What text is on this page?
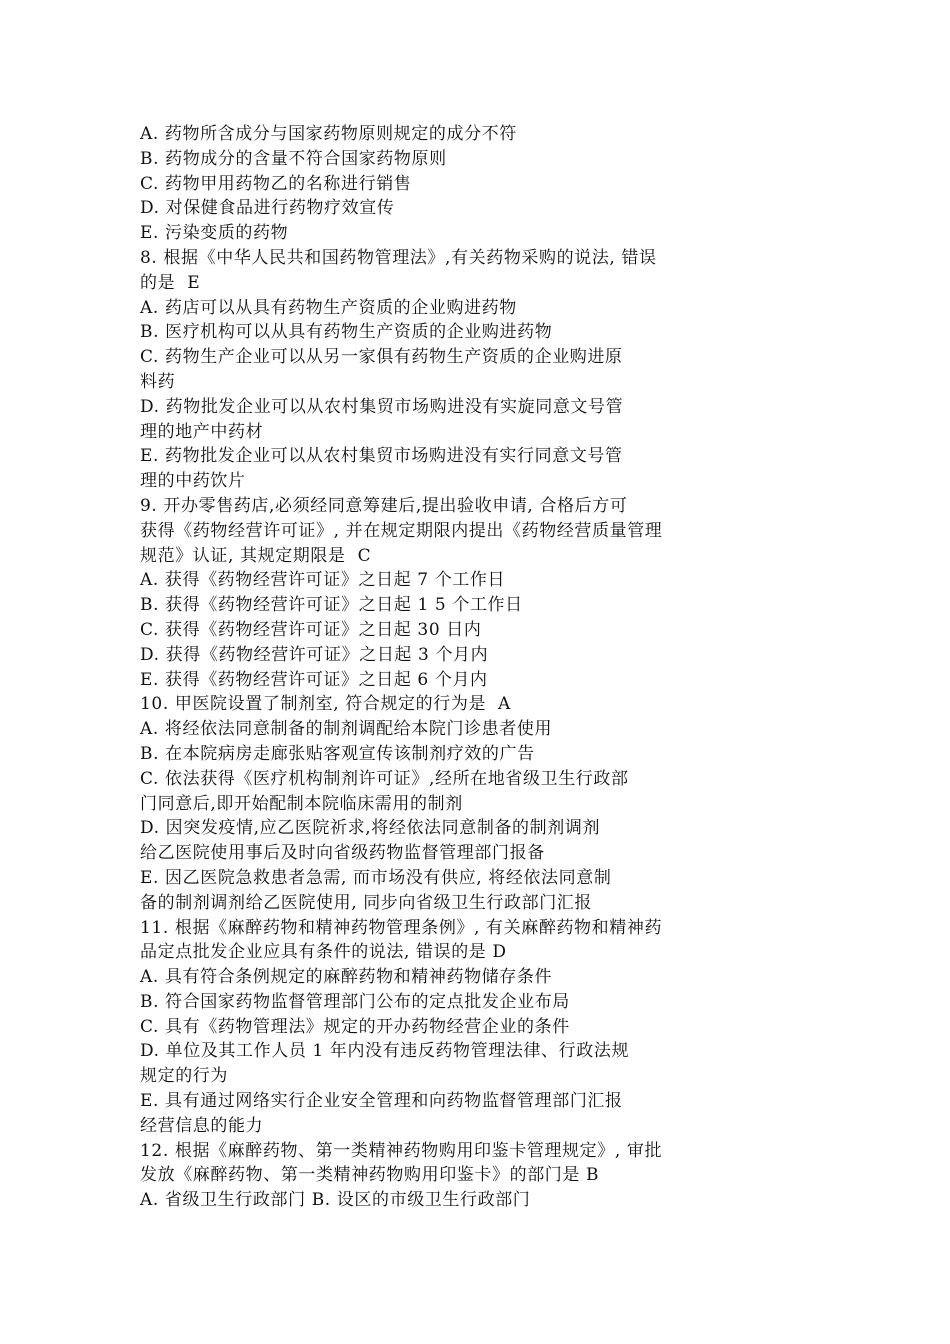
A. 药物所含成分与国家药物原则规定的成分不符
B. 药物成分的含量不符合国家药物原则
C. 药物甲用药物乙的名称进行销售
D. 对保健食品进行药物疗效宣传
E. 污染变质的药物
8. 根据《中华人民共和国药物管理法》,有关药物采购的说法, 错误
的是  E
A. 药店可以从具有药物生产资质的企业购进药物
B. 医疗机构可以从具有药物生产资质的企业购进药物
C. 药物生产企业可以从另一家俱有药物生产资质的企业购进原
料药
D. 药物批发企业可以从农村集贸市场购进没有实旋同意文号管
理的地产中药材
E. 药物批发企业可以从农村集贸市场购进没有实行同意文号管
理的中药饮片
9. 开办零售药店,必须经同意筹建后,提出验收申请, 合格后方可
获得《药物经营许可证》, 并在规定期限内提出《药物经营质量管理
规范》认证, 其规定期限是  C
A. 获得《药物经营许可证》之日起 7 个工作日
B. 获得《药物经营许可证》之日起 1 5 个工作日
C. 获得《药物经营许可证》之日起 30 日内
D. 获得《药物经营许可证》之日起 3 个月内
E. 获得《药物经营许可证》之日起 6 个月内
10. 甲医院设置了制剂室, 符合规定的行为是  A
A. 将经依法同意制备的制剂调配给本院门诊患者使用
B. 在本院病房走廊张贴客观宣传该制剂疗效的广告
C. 依法获得《医疗机构制剂许可证》,经所在地省级卫生行政部
门同意后,即开始配制本院临床需用的制剂
D. 因突发疫情,应乙医院祈求,将经依法同意制备的制剂调剂
给乙医院使用事后及时向省级药物监督管理部门报备
E. 因乙医院急救患者急需, 而市场没有供应, 将经依法同意制
备的制剂调剂给乙医院使用, 同步向省级卫生行政部门汇报
11. 根据《麻醉药物和精神药物管理条例》, 有关麻醉药物和精神药
品定点批发企业应具有条件的说法, 错误的是 D
A. 具有符合条例规定的麻醉药物和精神药物储存条件
B. 符合国家药物监督管理部门公布的定点批发企业布局
C. 具有《药物管理法》规定的开办药物经营企业的条件
D. 单位及其工作人员 1 年内没有违反药物管理法律、行政法规
规定的行为
E. 具有通过网络实行企业安全管理和向药物监督管理部门汇报
经营信息的能力
12. 根据《麻醉药物、第一类精神药物购用印鉴卡管理规定》, 审批
发放《麻醉药物、第一类精神药物购用印鉴卡》的部门是 B
A. 省级卫生行政部门 B. 设区的市级卫生行政部门
